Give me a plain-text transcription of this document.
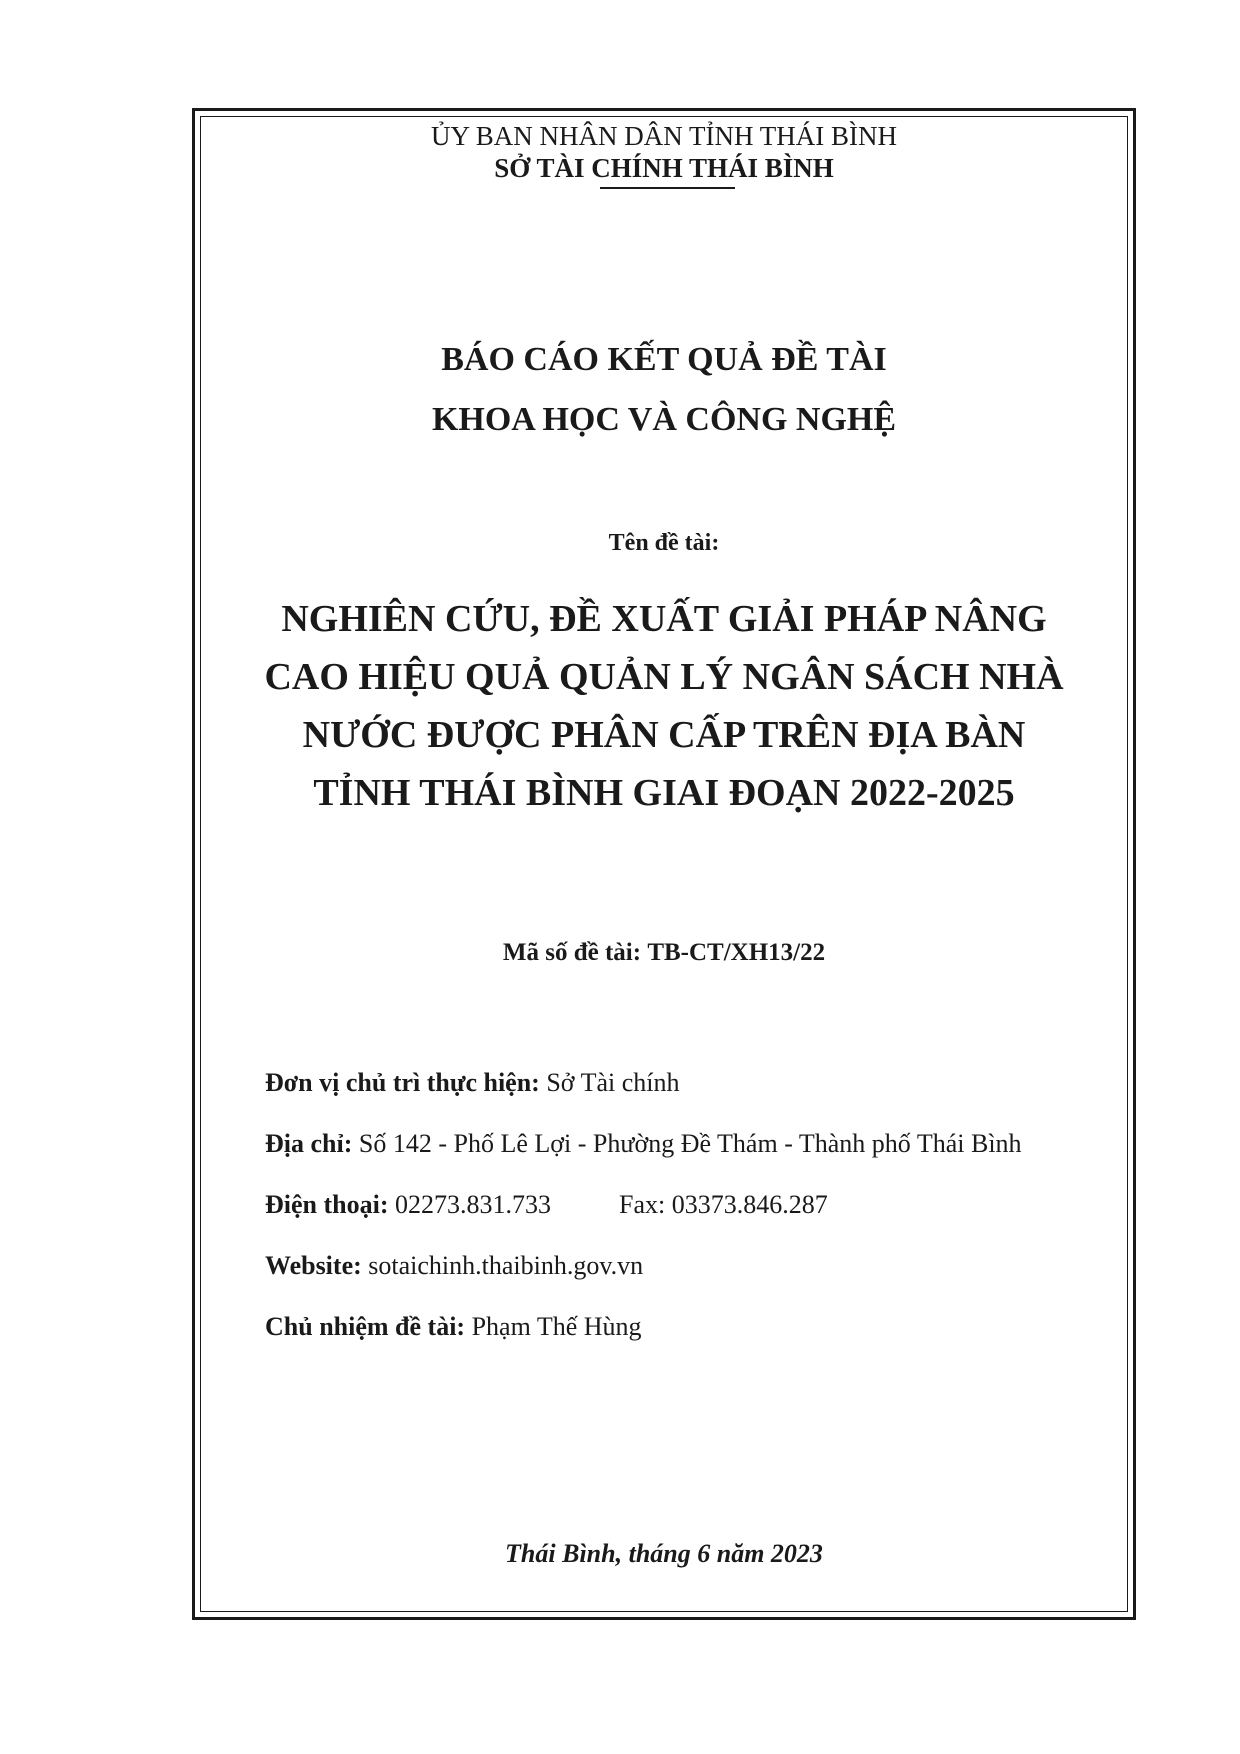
ỦY BAN NHÂN DÂN TỈNH THÁI BÌNH

SỞ TÀI CHÍNH THÁI BÌNH

BÁO CÁO KẾT QUẢ ĐỀ TÀI
KHOA HỌC VÀ CÔNG NGHỆ

Tên đề tài:

NGHIÊN CỨU, ĐỀ XUẤT GIẢI PHÁP NÂNG
CAO HIỆU QUẢ QUẢN LÝ NGÂN SÁCH NHÀ
NƯỚC ĐƯỢC PHÂN CẤP TRÊN ĐỊA BÀN
TỈNH THÁI BÌNH GIAI ĐOẠN 2022-2025

Mã số đề tài: TB-CT/XH13/22

Đơn vị chủ trì thực hiện: Sở Tài chính

Địa chỉ: Số 142 - Phố Lê Lợi - Phường Đề Thám - Thành phố Thái Bình

Điện thoại: 02273.831.733	Fax: 03373.846.287

Website: sotaichinh.thaibinh.gov.vn

Chủ nhiệm đề tài: Phạm Thế Hùng

Thái Bình, tháng 6 năm 2023
